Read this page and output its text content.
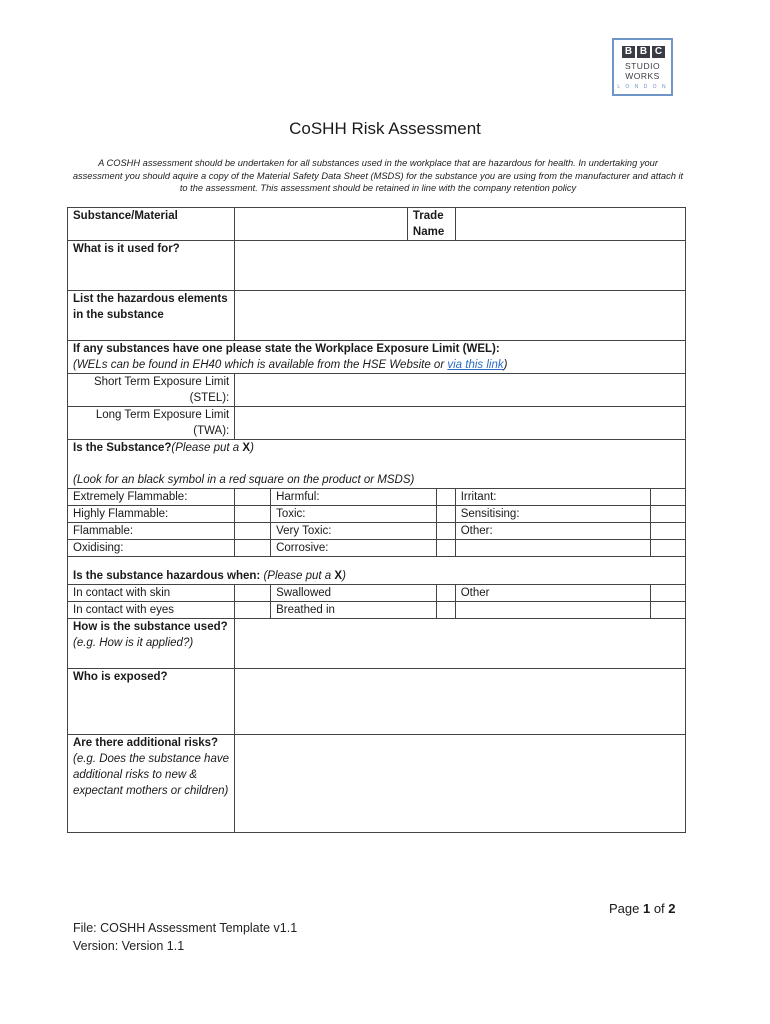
B B C
STUDIO
WORKS
L O N D O N
CoSHH Risk Assessment
A COSHH assessment should be undertaken for all substances used in the workplace that are hazardous for health. In undertaking your assessment you should aquire a copy of the Material Safety Data Sheet (MSDS) for the substance you are using from the manufacturer and attach it to the assessment. This assessment should be retained in line with the company retention policy
Substance/Material			Trade Name			
What is it used for?						
List the hazardous elements in the substance						

If any substances have one please state the Workplace Exposure Limit (WEL):
(WELs can be found in EH40 which is available from the HSE Website or via this link)						

Short Term Exposure Limit (STEL):						
Long Term Exposure Limit (TWA):						

Is the Substance?(Please put a X)
(Look for an black symbol in a red square on the product or MSDS)						

Extremely Flammable:		Harmful:			Irritant:	
Highly Flammable:		Toxic:			Sensitising:	
Flammable:		Very Toxic:			Other:	
Oxidising:		Corrosive:				
Is the substance hazardous when: (Please put a X)						
In contact with skin		Swallowed			Other	
In contact with eyes		Breathed in				

How is the substance used?
(e.g. How is it applied?)						

Who is exposed?						

Are there additional risks?
(e.g. Does the substance have additional risks to new & expectant mothers or children)						

Page 1 of 2
File: COSHH Assessment Template v1.1
Version: Version 1.1
